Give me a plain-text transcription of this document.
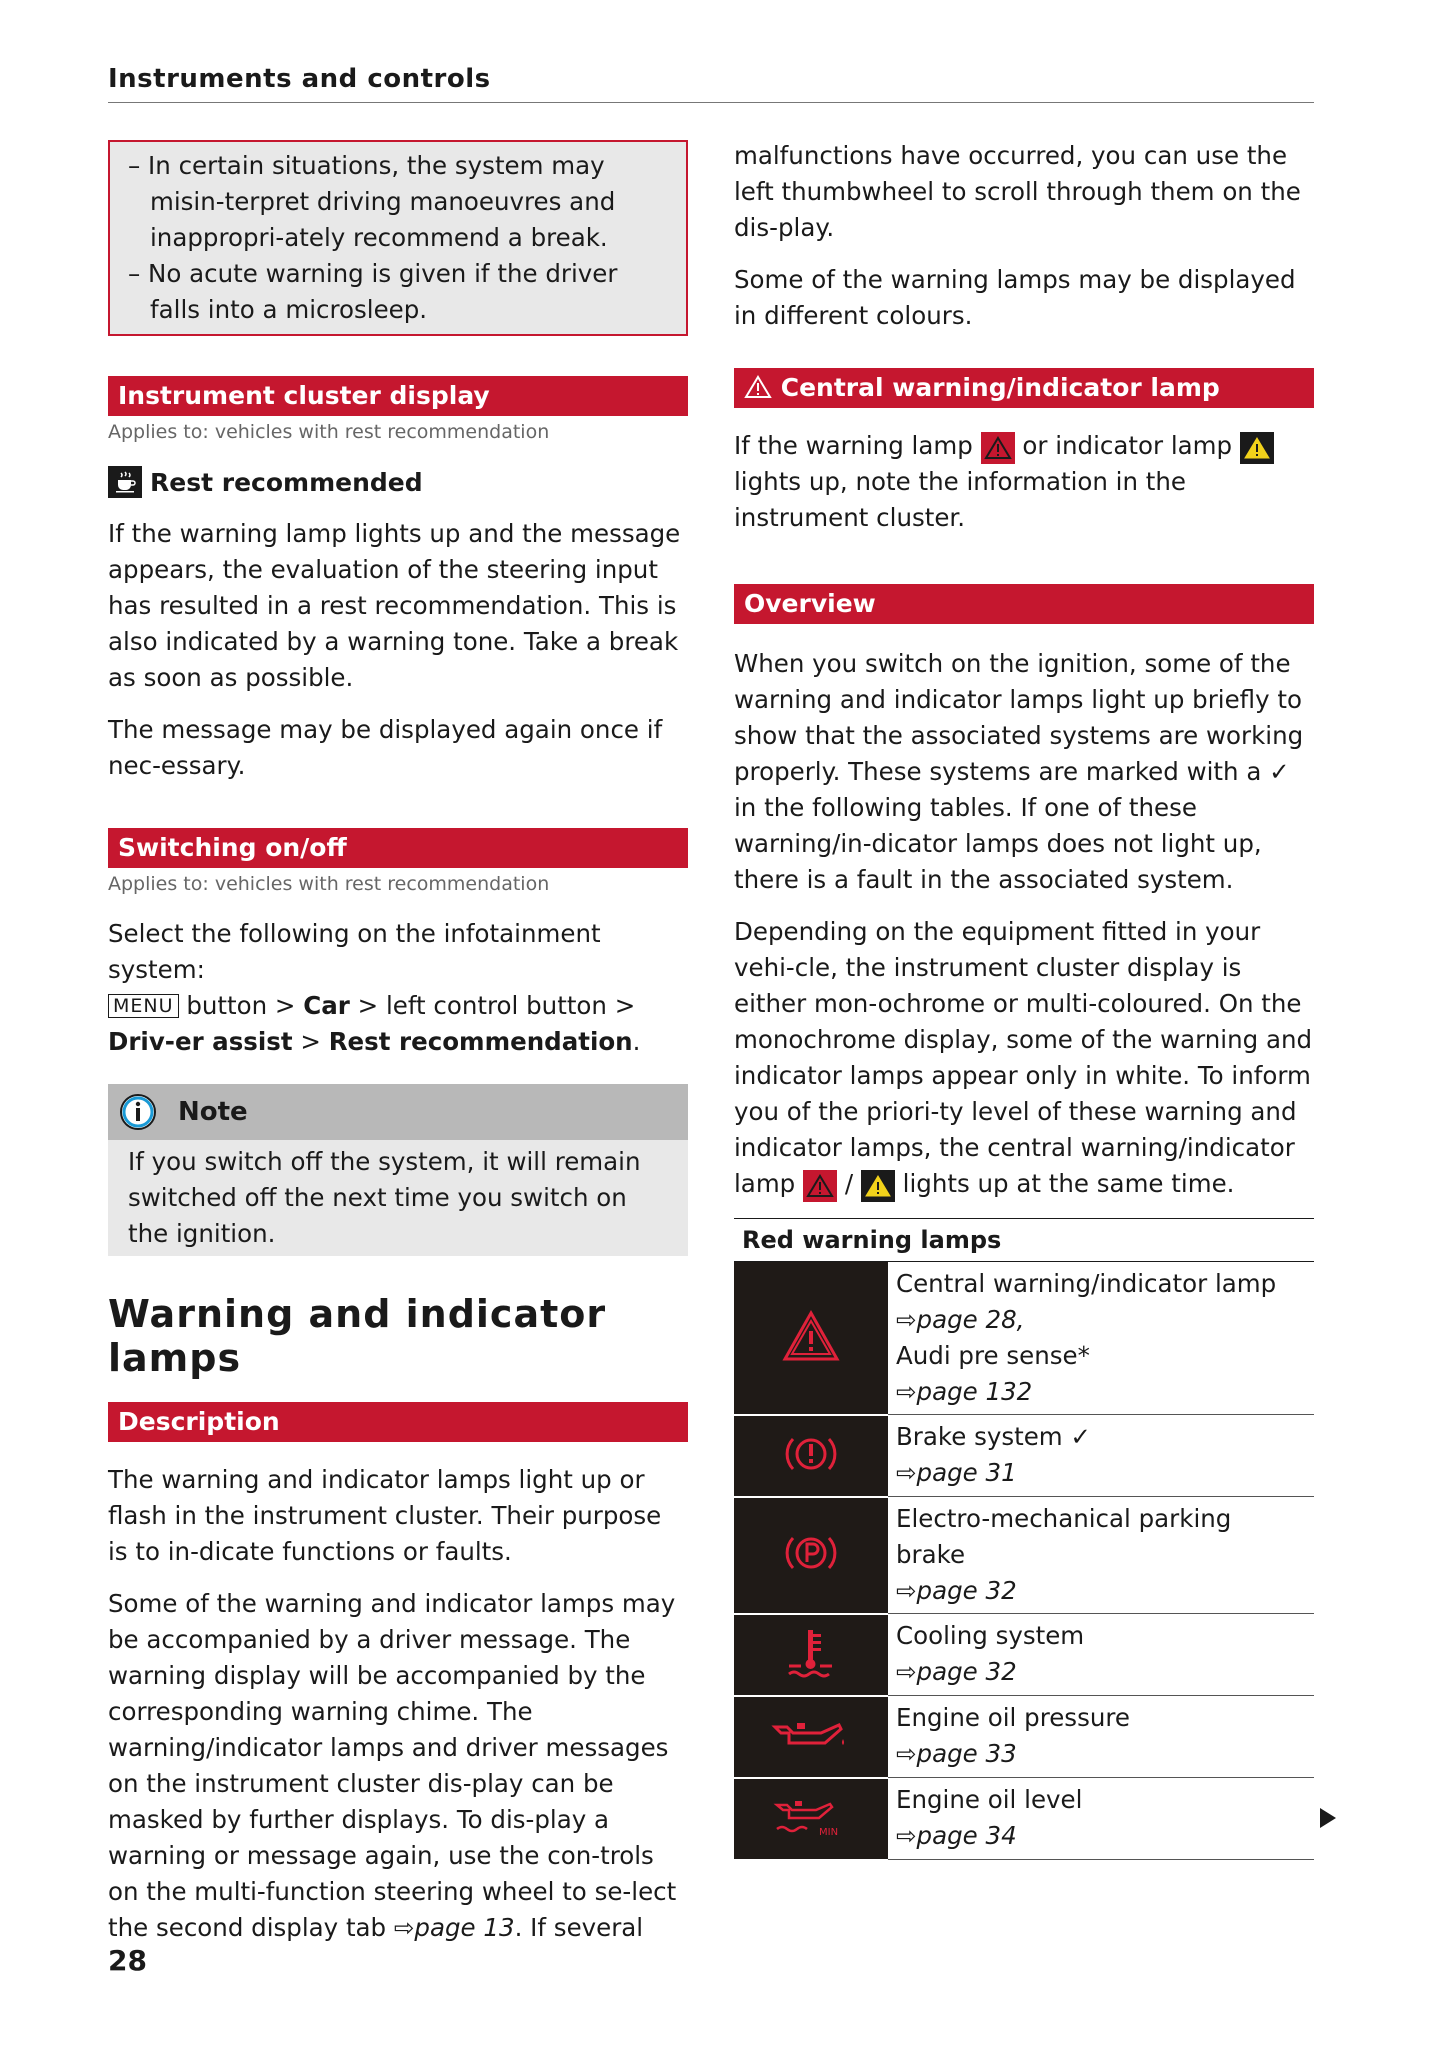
Instruments and controls
– In certain situations, the system may misin-terpret driving manoeuvres and inappropri-ately recommend a break.
– No acute warning is given if the driver falls into a microsleep.
Instrument cluster display
Applies to: vehicles with rest recommendation
Rest recommended

If the warning lamp lights up and the message appears, the evaluation of the steering input has resulted in a rest recommendation. This is also indicated by a warning tone. Take a break as soon as possible.

The message may be displayed again once if nec-essary.

Switching on/off
Applies to: vehicles with rest recommendation

Select the following on the infotainment system:
MENU button > Car > left control button > Driv-er assist > Rest recommendation.

Note
If you switch off the system, it will remain switched off the next time you switch on the ignition.
Warning and indicator lamps
Description

The warning and indicator lamps light up or flash in the instrument cluster. Their purpose is to in-dicate functions or faults.

Some of the warning and indicator lamps may be accompanied by a driver message. The warning display will be accompanied by the corresponding warning chime. The warning/indicator lamps and driver messages on the instrument cluster dis-play can be masked by further displays. To dis-play a warning or message again, use the con-trols on the multi-function steering wheel to se-lect the second display tab ⇨page 13. If several

malfunctions have occurred, you can use the left thumbwheel to scroll through them on the dis-play.

Some of the warning lamps may be displayed in different colours.

Central warning/indicator lamp

If the warning lamp
or indicator lamp
lights up, note the information in the instrument cluster.

Overview

When you switch on the ignition, some of the warning and indicator lamps light up briefly to show that the associated systems are working properly. These systems are marked with a ✓ in the following tables. If one of these warning/in-dicator lamps does not light up, there is a fault in the associated system.

Depending on the equipment fitted in your vehi-cle, the instrument cluster display is either mon-ochrome or multi-coloured. On the monochrome display, some of the warning and indicator lamps appear only in white. To inform you of the priori-ty level of these warning and indicator lamps, the central warning/indicator lamp
/
lights up at the same time.

Red warning lamps	

Central warning/indicator lamp
⇨page 28,
Audi pre sense*
⇨page 132

Brake system ✓
⇨page 31

Electro-mechanical parking brake
⇨page 32

Cooling system
⇨page 32

Engine oil pressure
⇨page 33

MIN	Engine oil level
⇨page 34
28
